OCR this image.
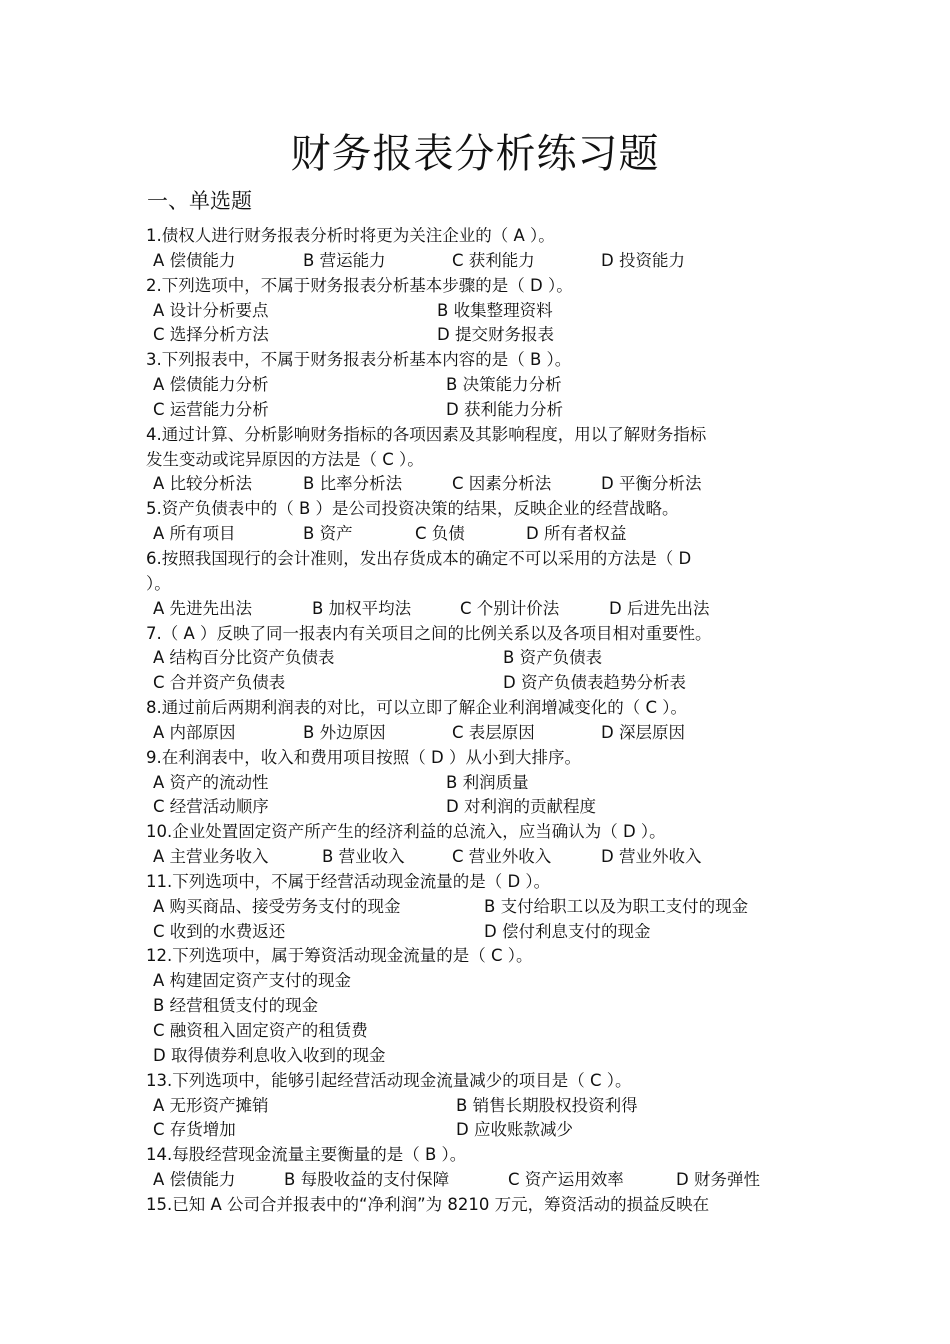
财务报表分析练习题
一、单选题
1.债权人进行财务报表分析时将更为关注企业的（ A ）。
A 偿债能力	B 营运能力	C 获利能力	D 投资能力
2.下列选项中，不属于财务报表分析基本步骤的是（ D ）。
A 设计分析要点	B 收集整理资料
C 选择分析方法	D 提交财务报表
3.下列报表中，不属于财务报表分析基本内容的是（ B ）。
A 偿债能力分析	B 决策能力分析
C 运营能力分析	D 获利能力分析
4.通过计算、分析影响财务指标的各项因素及其影响程度，用以了解财务指标
发生变动或诧异原因的方法是（ C ）。
A 比较分析法	B 比率分析法	C 因素分析法	D 平衡分析法
5.资产负债表中的（ B ）是公司投资决策的结果，反映企业的经营战略。
A 所有项目	B 资产	C 负债	D 所有者权益
6.按照我国现行的会计准则，发出存货成本的确定不可以采用的方法是（ D
）。
A 先进先出法	B 加权平均法	C 个别计价法	D 后进先出法
7.（ A ）反映了同一报表内有关项目之间的比例关系以及各项目相对重要性。
A 结构百分比资产负债表	B 资产负债表
C 合并资产负债表	D 资产负债表趋势分析表
8.通过前后两期利润表的对比，可以立即了解企业利润增减变化的（ C ）。
A 内部原因	B 外边原因	C 表层原因	D 深层原因
9.在利润表中，收入和费用项目按照（ D ）从小到大排序。
A 资产的流动性	B 利润质量
C 经营活动顺序	D 对利润的贡献程度
10.企业处置固定资产所产生的经济利益的总流入，应当确认为（ D ）。
A 主营业务收入	B 营业收入	C 营业外收入	D 营业外收入
11.下列选项中，不属于经营活动现金流量的是（ D ）。
A 购买商品、接受劳务支付的现金	B 支付给职工以及为职工支付的现金
C 收到的水费返还	D 偿付利息支付的现金
12.下列选项中，属于筹资活动现金流量的是（ C ）。
A 构建固定资产支付的现金
B 经营租赁支付的现金
C 融资租入固定资产的租赁费
D 取得债券利息收入收到的现金
13.下列选项中，能够引起经营活动现金流量减少的项目是（ C ）。
A 无形资产摊销	B 销售长期股权投资利得
C 存货增加	D 应收账款减少
14.每股经营现金流量主要衡量的是（ B ）。
A 偿债能力	B 每股收益的支付保障	C 资产运用效率	D 财务弹性
15.已知 A 公司合并报表中的“净利润”为 8210 万元，筹资活动的损益反映在
